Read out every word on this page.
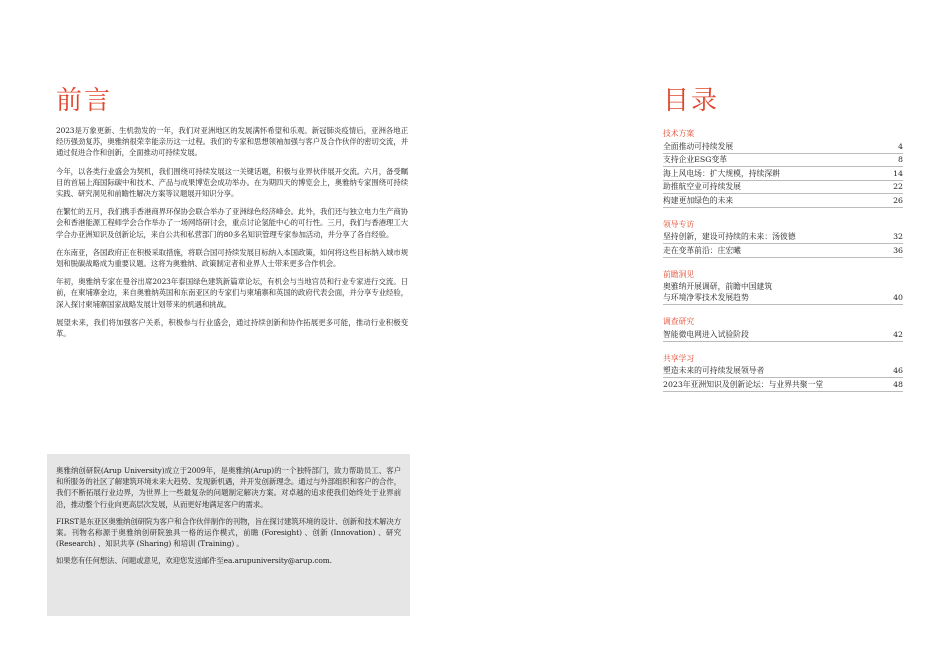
前言

2023是万象更新、生机勃发的一年，我们对亚洲地区的发展满怀希望和乐观。新冠肺炎疫情后，亚洲各地正经历强劲复苏，奥雅纳很荣幸能亲历这一过程。我们的专家和思想领袖加强与客户及合作伙伴的密切交流，并通过促进合作和创新，全面推动可持续发展。

今年，以各类行业盛会为契机，我们围绕可持续发展这一关键话题，积极与业界伙伴展开交流。六月，备受瞩目的首届上海国际碳中和技术、产品与成果博览会成功举办。在为期四天的博览会上，奥雅纳专家围绕可持续实践、研究洞见和前瞻性解决方案等议题展开知识分享。

在繁忙的五月，我们携手香港商界环保协会联合举办了亚洲绿色经济峰会。此外，我们还与独立电力生产商协会和香港能源工程师学会合作举办了一场网络研讨会，重点讨论氢能中心的可行性。三月，我们与香港理工大学合办亚洲知识及创新论坛，来自公共和私营部门的80多名知识管理专家参加活动，并分享了各自经验。

在东南亚，各国政府正在积极采取措施，将联合国可持续发展目标纳入本国政策，如何将这些目标纳入城市规划和脱碳战略成为重要议题。这将为奥雅纳、政策制定者和业界人士带来更多合作机会。

年初，奥雅纳专家在曼谷出席2023年泰国绿色建筑新篇章论坛，有机会与当地官员和行业专家进行交流。日前，在柬埔寨金边，来自奥雅纳英国和东南亚区的专家们与柬埔寨和英国的政府代表会面，并分享专业经验，深入探讨柬埔寨国家战略发展计划带来的机遇和挑战。

展望未来，我们将加强客户关系，积极参与行业盛会，通过持续创新和协作拓展更多可能，推动行业积极变革。

奥雅纳创研院(Arup University)成立于2009年，是奥雅纳(Arup)的一个独特部门，致力帮助员工、客户和所服务的社区了解建筑环境未来大趋势、发现新机遇，并开发创新理念。通过与外部组织和客户的合作，我们不断拓展行业边界，为世界上一些最复杂的问题制定解决方案。对卓越的追求使我们始终处于业界前沿，推动整个行业向更高层次发展，从而更好地满足客户的需求。

FIRST是东亚区奥雅纳创研院为客户和合作伙伴制作的刊物，旨在探讨建筑环境的设计、创新和技术解决方案。刊物名称源于奥雅纳创研院独具一格的运作模式，前瞻 (Foresight) 、创新 (Innovation) 、研究 (Research) 、知识共享 (Sharing) 和培训 (Training) 。

如果您有任何想法、问题或意见，欢迎您发送邮件至ea.arupuniversity@arup.com.

目录
技术方案
全面推动可持续发展	4
支持企业ESG变革	8
海上风电场：扩大规模，持续深耕	14
助推航空业可持续发展	22
构建更加绿色的未来	26
领导专访
坚持创新，建设可持续的未来：汤彼德	32
走在变革前沿：庄宏曦	36
前瞻洞见
奥雅纳开展调研，前瞻中国建筑
与环境净零技术发展趋势	40
调查研究
智能微电网进入试验阶段	42
共享学习
塑造未来的可持续发展领导者	46
2023年亚洲知识及创新论坛：与业界共聚一堂	48
